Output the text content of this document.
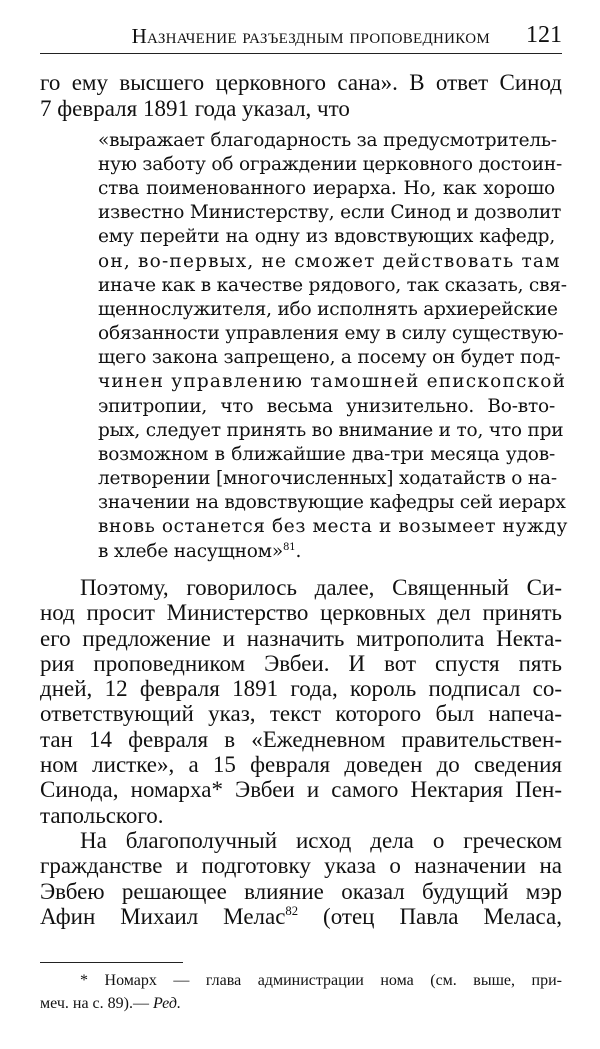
Назначение разъездным проповедником 121
го ему высшего церковного сана». В ответ Синод
7 февраля 1891 года указал, что
«выражает благодарность за предусмотритель-
ную заботу об ограждении церковного достоин-
ства поименованного иерарха. Но, как хорошо
известно Министерству, если Синод и дозволит
ему перейти на одну из вдовствующих кафедр,
он, во-первых, не сможет действовать там
иначе как в качестве рядового, так сказать, свя-
щеннослужителя, ибо исполнять архиерейские
обязанности управления ему в силу существую-
щего закона запрещено, а посему он будет под-
чинен управлению тамошней епископской
эпитропии, что весьма унизительно. Во-вто-
рых, следует принять во внимание и то, что при
возможном в ближайшие два-три месяца удов-
летворении [многочисленных] ходатайств о на-
значении на вдовствующие кафедры сей иерарх
вновь останется без места и возымеет нужду
в хлебе насущном»$^{81}$.
Поэтому, говорилось далее, Священный Си-
нод просит Министерство церковных дел принять
его предложение и назначить митрополита Некта-
рия проповедником Эвбеи. И вот спустя пять
дней, 12 февраля 1891 года, король подписал со-
ответствующий указ, текст которого был напеча-
тан 14 февраля в «Ежедневном правительствен-
ном листке», а 15 февраля доведен до сведения
Синода, номарха* Эвбеи и самого Нектария Пен-
тапольского.
На благополучный исход дела о греческом
гражданстве и подготовку указа о назначении на
Эвбею решающее влияние оказал будущий мэр
Афин Михаил Мелас$^{82}$ (отец Павла Меласа,
* Номарх — глава администрации нома (см. выше, при-
меч. на с. 89).— Ред.
